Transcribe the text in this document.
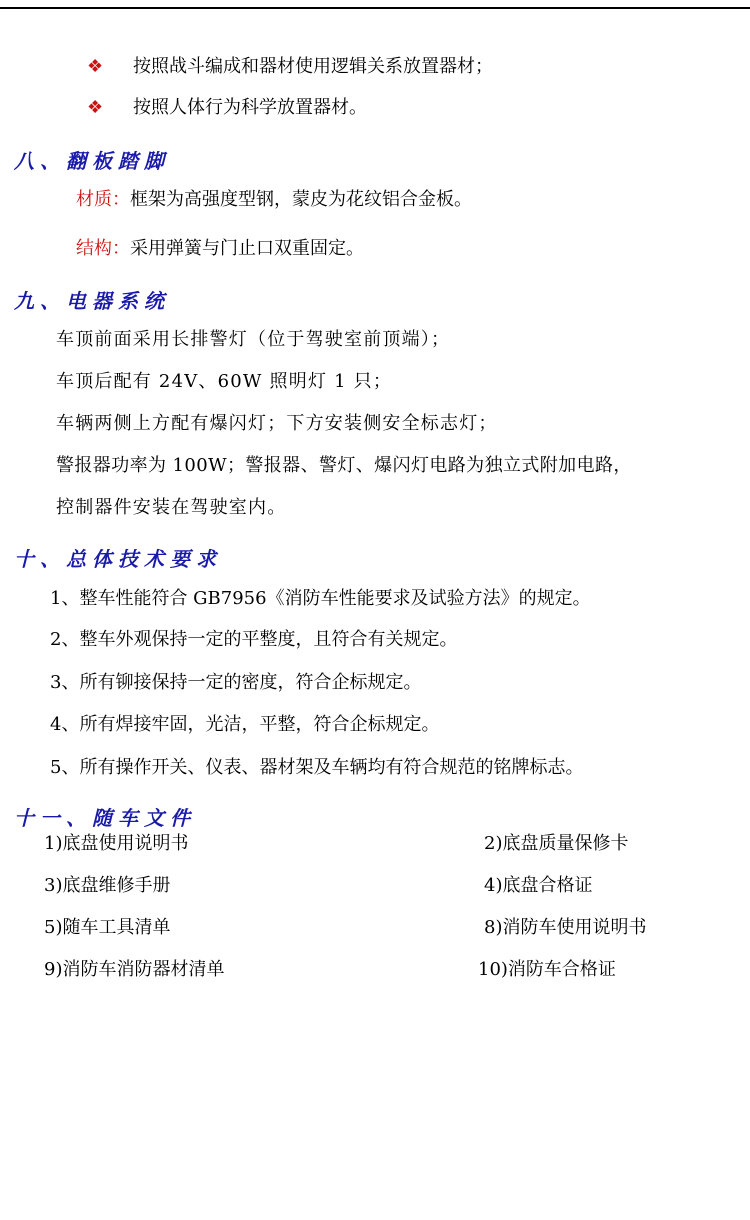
❖ 按照战斗编成和器材使用逻辑关系放置器材；
❖ 按照人体行为科学放置器材。
八、翻板踏脚
材质：框架为高强度型钢，蒙皮为花纹铝合金板。
结构：采用弹簧与门止口双重固定。
九、电器系统
车顶前面采用长排警灯（位于驾驶室前顶端）；
车顶后配有 24V、60W 照明灯 1 只；
车辆两侧上方配有爆闪灯；下方安装侧安全标志灯；
警报器功率为 100W；警报器、警灯、爆闪灯电路为独立式附加电路，
控制器件安装在驾驶室内。
十、总体技术要求
1、整车性能符合 GB7956《消防车性能要求及试验方法》的规定。
2、整车外观保持一定的平整度，且符合有关规定。
3、所有铆接保持一定的密度，符合企标规定。
4、所有焊接牢固，光洁，平整，符合企标规定。
5、所有操作开关、仪表、器材架及车辆均有符合规范的铭牌标志。
十一、随车文件
1)底盘使用说明书	2)底盘质量保修卡
3)底盘维修手册	4)底盘合格证
5)随车工具清单	8)消防车使用说明书
9)消防车消防器材清单	10)消防车合格证
